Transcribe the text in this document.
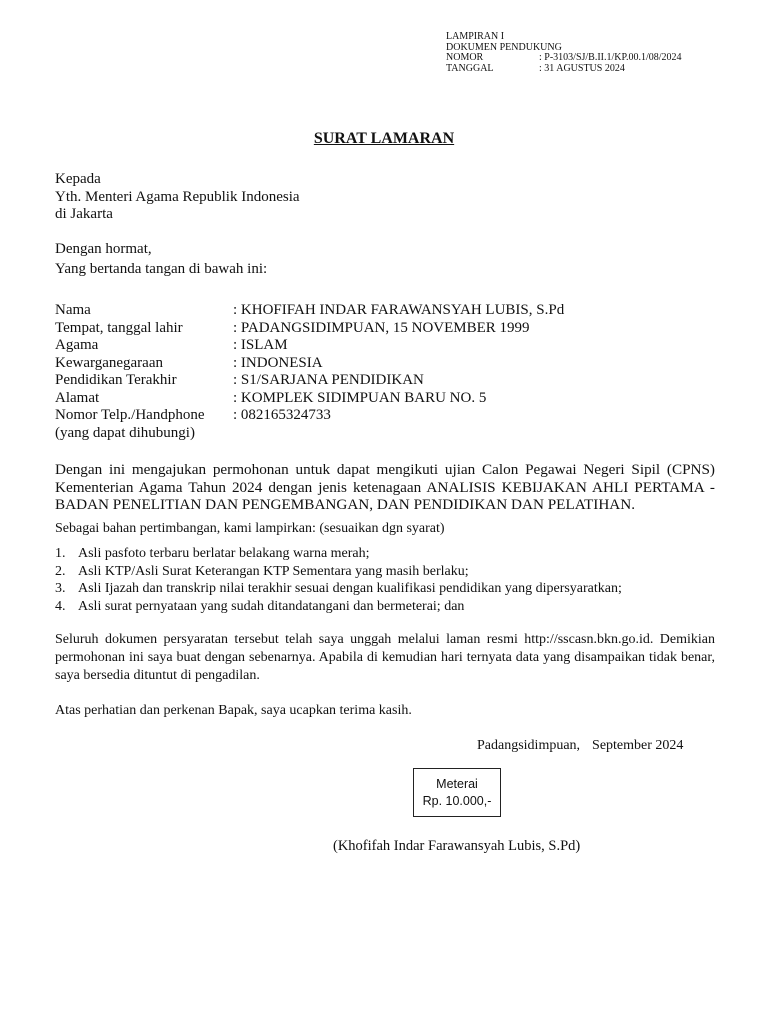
LAMPIRAN I
DOKUMEN PENDUKUNG
NOMOR	: P-3103/SJ/B.II.1/KP.00.1/08/2024
TANGGAL	: 31 AGUSTUS 2024
SURAT LAMARAN
Kepada
Yth. Menteri Agama Republik Indonesia
di Jakarta
Dengan hormat,
Yang bertanda tangan di bawah ini:
Nama	: KHOFIFAH INDAR FARAWANSYAH LUBIS, S.Pd
Tempat, tanggal lahir	: PADANGSIDIMPUAN, 15 NOVEMBER 1999
Agama	: ISLAM
Kewarganegaraan	: INDONESIA
Pendidikan Terakhir	: S1/SARJANA PENDIDIKAN
Alamat	: KOMPLEK SIDIMPUAN BARU NO. 5
Nomor Telp./Handphone : 082165324733
(yang dapat dihubungi)
Dengan ini mengajukan permohonan untuk dapat mengikuti ujian Calon Pegawai Negeri Sipil (CPNS) Kementerian Agama Tahun 2024 dengan jenis ketenagaan ANALISIS KEBIJAKAN AHLI PERTAMA - BADAN PENELITIAN DAN PENGEMBANGAN, DAN PENDIDIKAN DAN PELATIHAN.
Sebagai bahan pertimbangan, kami lampirkan: (sesuaikan dgn syarat)
1. Asli pasfoto terbaru berlatar belakang warna merah;
2. Asli KTP/Asli Surat Keterangan KTP Sementara yang masih berlaku;
3. Asli Ijazah dan transkrip nilai terakhir sesuai dengan kualifikasi pendidikan yang dipersyaratkan;
4. Asli surat pernyataan yang sudah ditandatangani dan bermeterai; dan
Seluruh dokumen persyaratan tersebut telah saya unggah melalui laman resmi http://sscasn.bkn.go.id. Demikian permohonan ini saya buat dengan sebenarnya. Apabila di kemudian hari ternyata data yang disampaikan tidak benar, saya bersedia dituntut di pengadilan.
Atas perhatian dan perkenan Bapak, saya ucapkan terima kasih.
Padangsidimpuan, September 2024
Meterai
Rp. 10.000,-
(Khofifah Indar Farawansyah Lubis, S.Pd)
